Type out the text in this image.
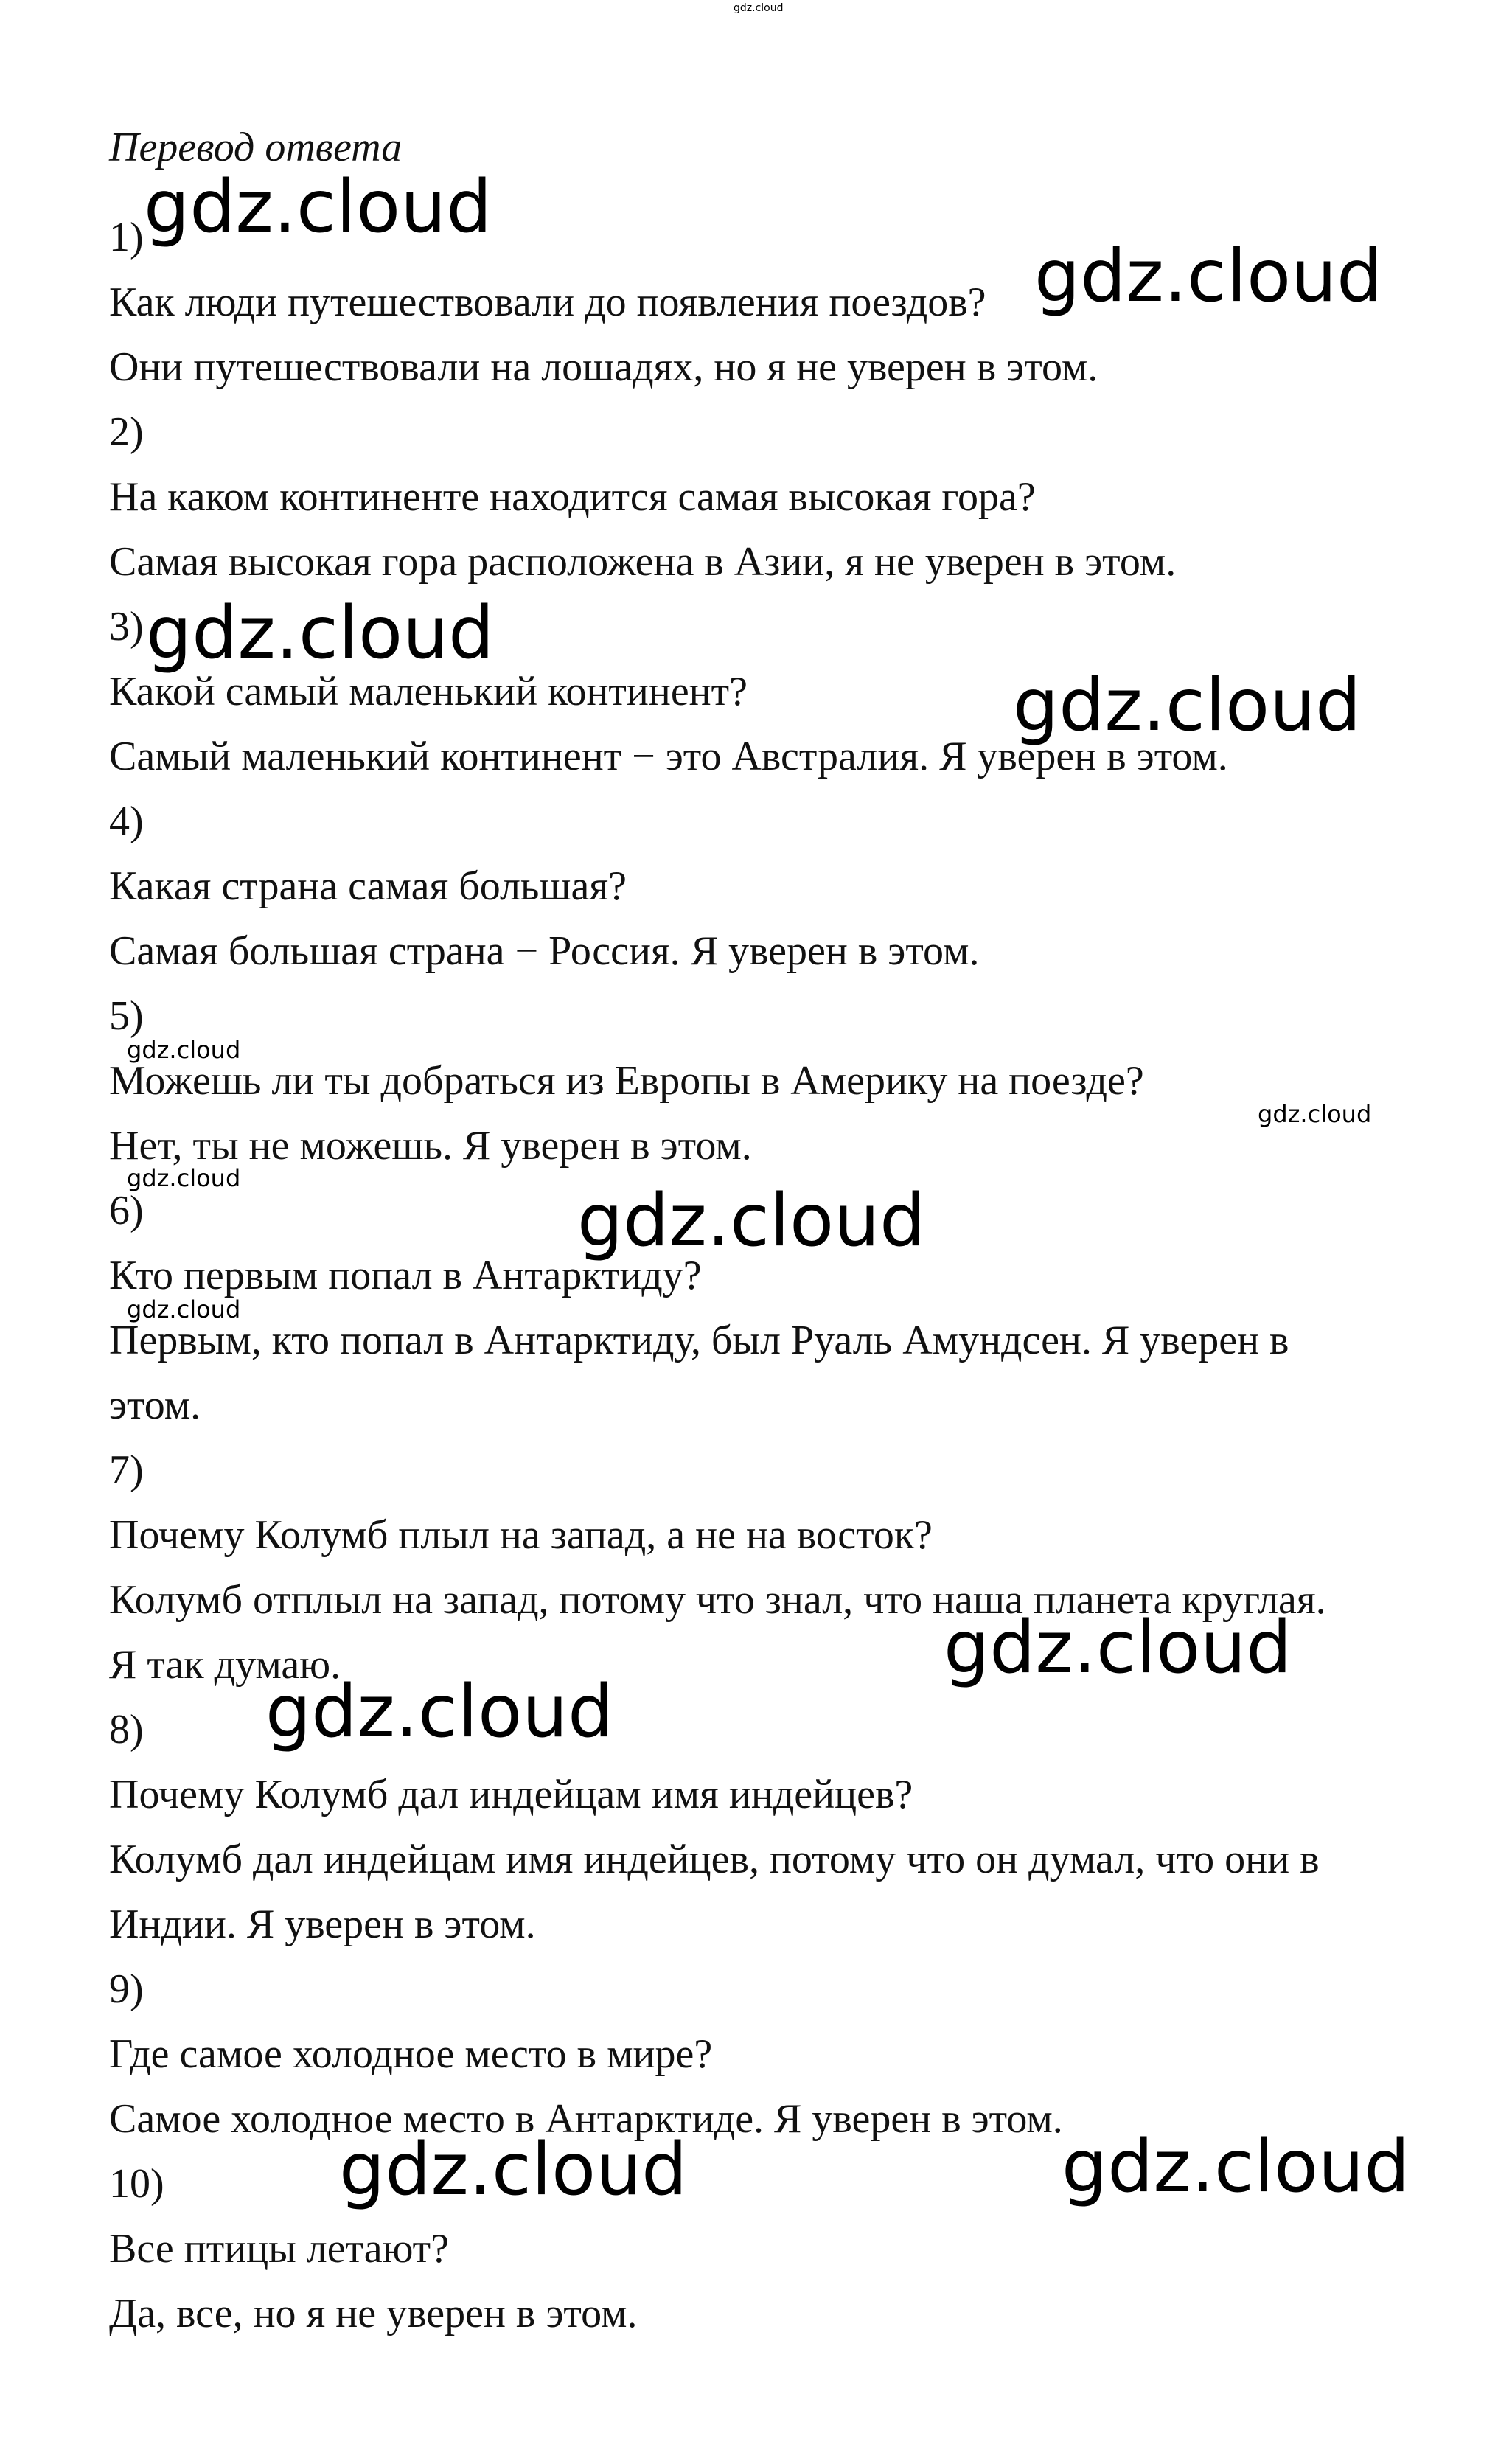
gdz.cloud

Перевод ответа

1)

Как люди путешествовали до появления поездов?

Они путешествовали на лошадях, но я не уверен в этом.

2)

На каком континенте находится самая высокая гора?

Самая высокая гора расположена в Азии, я не уверен в этом.

3)

Какой самый маленький континент?

Самый маленький континент − это Австралия. Я уверен в этом.

4)

Какая страна самая большая?

Самая большая страна − Россия. Я уверен в этом.

5)

Можешь ли ты добраться из Европы в Америку на поезде?

Нет, ты не можешь. Я уверен в этом.

6)

Кто первым попал в Антарктиду?

Первым, кто попал в Антарктиду, был Руаль Амундсен. Я уверен в

этом.

7)

Почему Колумб плыл на запад, а не на восток?

Колумб отплыл на запад, потому что знал, что наша планета круглая.

Я так думаю.

8)

Почему Колумб дал индейцам имя индейцев?

Колумб дал индейцам имя индейцев, потому что он думал, что они в

Индии. Я уверен в этом.

9)

Где самое холодное место в мире?

Самое холодное место в Антарктиде. Я уверен в этом.

10)

Все птицы летают?

Да, все, но я не уверен в этом.

gdz.cloud
gdz.cloud
gdz.cloud
gdz.cloud
gdz.cloud
gdz.cloud
gdz.cloud
gdz.cloud
gdz.cloud
gdz.cloud
gdz.cloud
gdz.cloud	gdz.cloud
